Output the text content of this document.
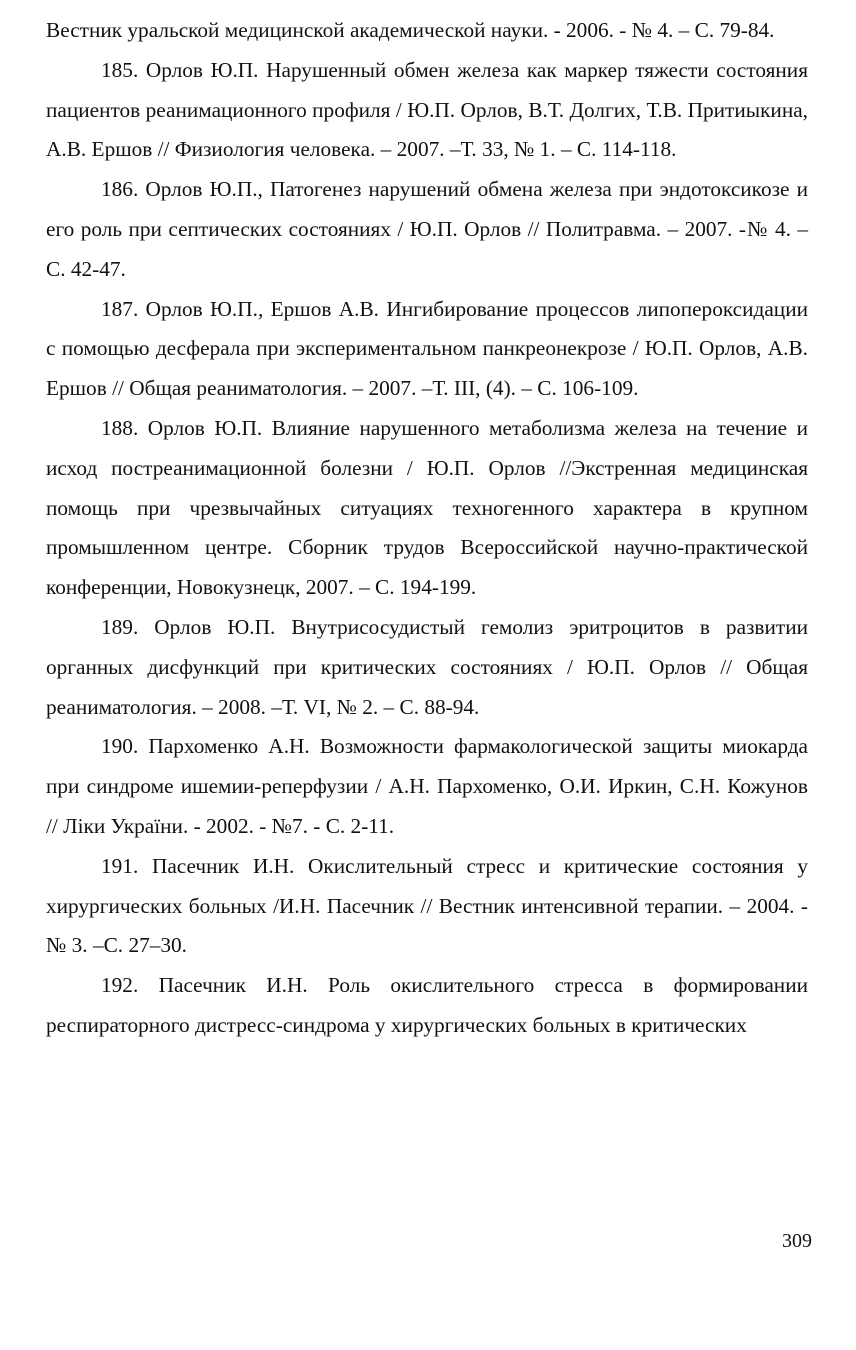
Вестник уральской медицинской академической науки. - 2006. - № 4. – С. 79-84.

185. Орлов Ю.П. Нарушенный обмен железа как маркер тяжести состояния пациентов реанимационного профиля / Ю.П. Орлов, В.Т. Долгих, Т.В. Притиыкина, А.В. Ершов // Физиология человека. – 2007. –Т. 33, № 1. – С. 114-118.

186. Орлов Ю.П., Патогенез нарушений обмена железа при эндотоксикозе и его роль при септических состояниях / Ю.П. Орлов // Политравма. – 2007. -№ 4. –С. 42-47.

187. Орлов Ю.П., Ершов А.В. Ингибирование процессов липопероксидации с помощью десферала при экспериментальном панкреонекрозе / Ю.П. Орлов, А.В. Ершов // Общая реаниматология. – 2007. –Т. III, (4). – С. 106-109.

188. Орлов Ю.П. Влияние нарушенного метаболизма железа на течение и исход постреанимационной болезни / Ю.П. Орлов //Экстренная медицинская помощь при чрезвычайных ситуациях техногенного характера в крупном промышленном центре. Сборник трудов Всероссийской научно-практической конференции, Новокузнецк, 2007. – С. 194-199.

189. Орлов Ю.П. Внутрисосудистый гемолиз эритроцитов в развитии органных дисфункций при критических состояниях / Ю.П. Орлов // Общая реаниматология. – 2008. –Т. VI, № 2. – С. 88-94.

190. Пархоменко А.Н. Возможности фармакологической защиты миокарда при синдроме ишемии-реперфузии / А.Н. Пархоменко, О.И. Иркин, С.Н. Кожунов // Ліки України. - 2002. - №7. - С. 2-11.

191. Пасечник И.Н. Окислительный стресс и критические состояния у хирургических больных /И.Н. Пасечник // Вестник интенсивной терапии. – 2004. - № 3. –С. 27–30.

192. Пасечник И.Н. Роль окислительного стресса в формировании респираторного дистресс-синдрома у хирургических больных в критических

309
